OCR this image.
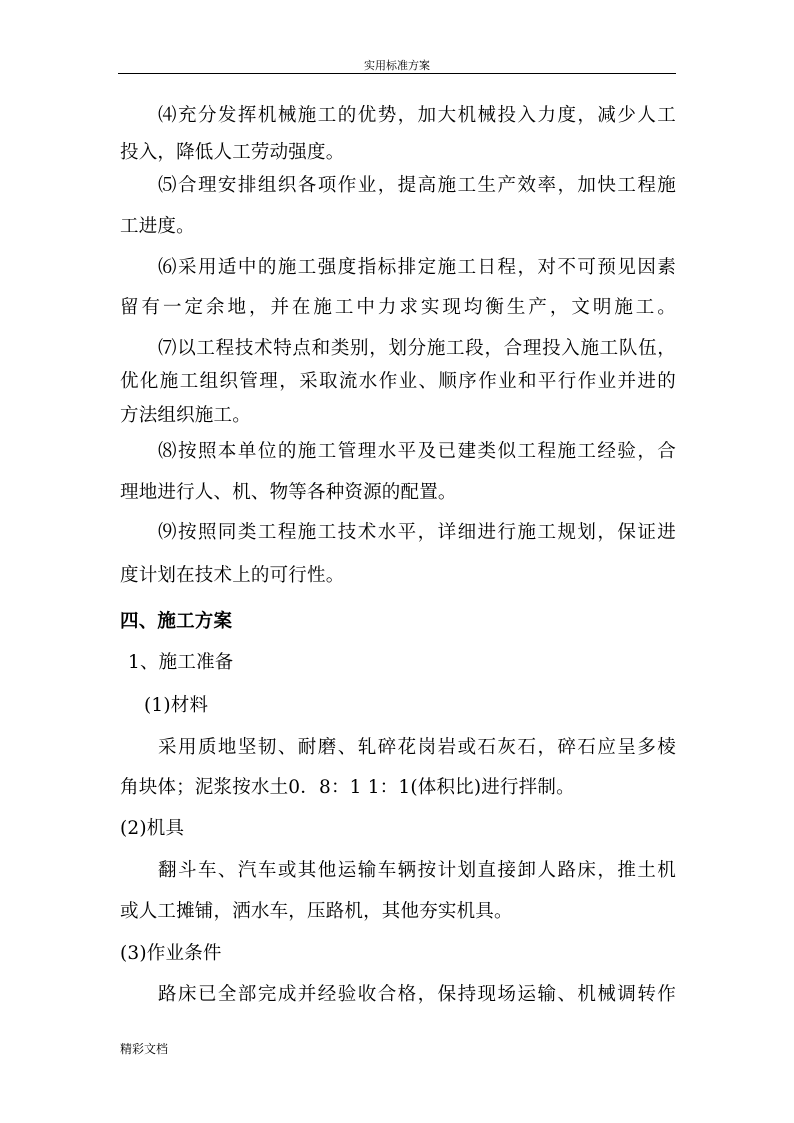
实用标准方案
⑷充分发挥机械施工的优势，加大机械投入力度，减少人工
投入，降低人工劳动强度。
⑸合理安排组织各项作业，提高施工生产效率，加快工程施
工进度。
⑹采用适中的施工强度指标排定施工日程，对不可预见因素
留有一定余地，并在施工中力求实现均衡生产，文明施工。
⑺以工程技术特点和类别，划分施工段，合理投入施工队伍，
优化施工组织管理，采取流水作业、顺序作业和平行作业并进的
方法组织施工。
⑻按照本单位的施工管理水平及已建类似工程施工经验，合
理地进行人、机、物等各种资源的配置。
⑼按照同类工程施工技术水平，详细进行施工规划，保证进
度计划在技术上的可行性。
四、施工方案
1、施工准备
(1)材料
采用质地坚韧、耐磨、轧碎花岗岩或石灰石，碎石应呈多棱
角块体；泥浆按水土0．8：1 1：1(体积比)进行拌制。
(2)机具
翻斗车、汽车或其他运输车辆按计划直接卸人路床，推土机
或人工摊铺，洒水车，压路机，其他夯实机具。
(3)作业条件
路床已全部完成并经验收合格，保持现场运输、机械调转作
精彩文档
